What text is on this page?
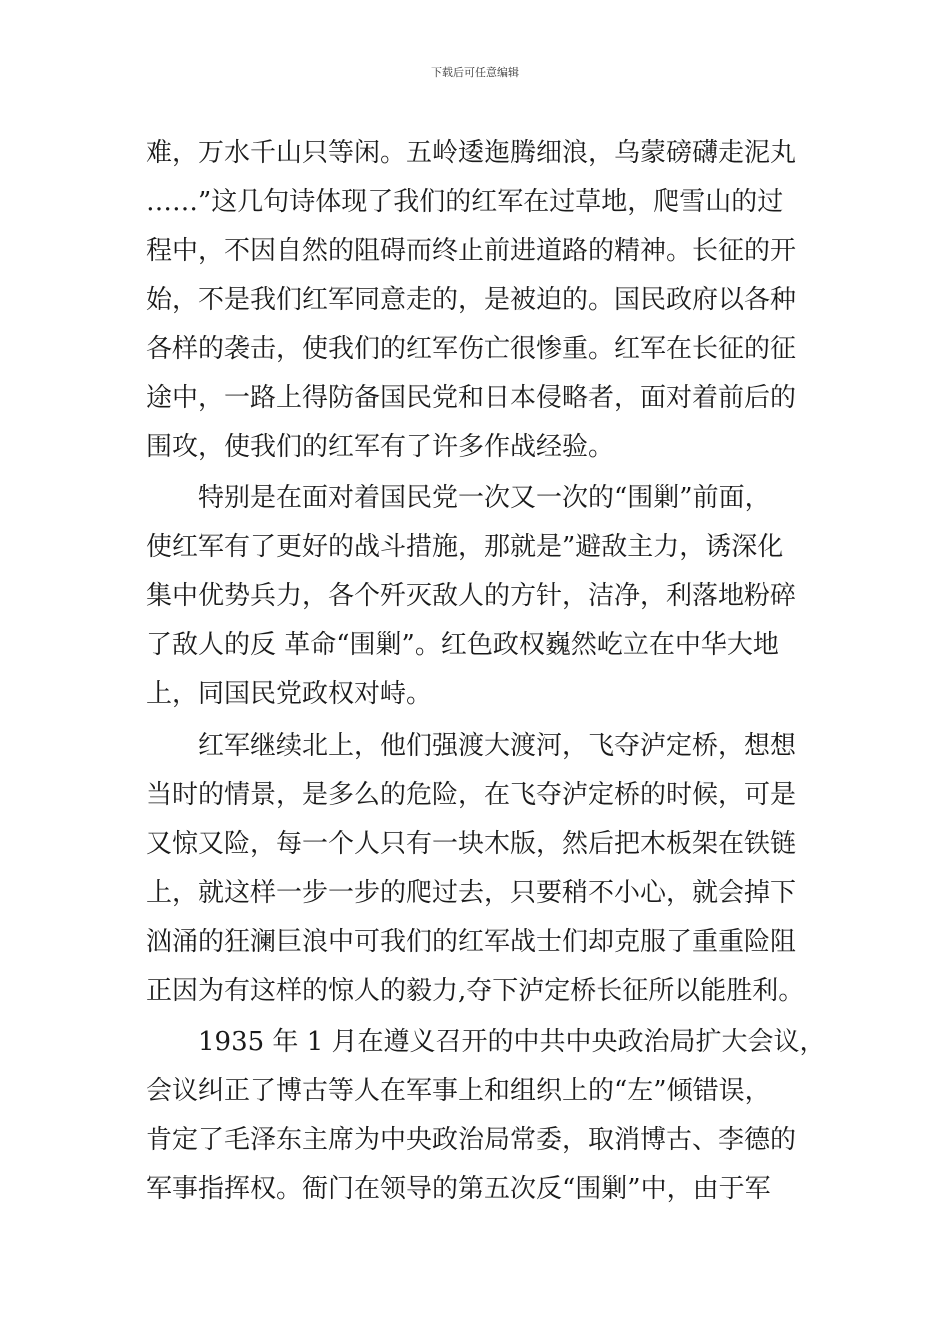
下载后可任意编辑
难，万水千山只等闲。五岭逶迤腾细浪，乌蒙磅礴走泥丸
……”这几句诗体现了我们的红军在过草地，爬雪山的过
程中，不因自然的阻碍而终止前进道路的精神。长征的开
始，不是我们红军同意走的，是被迫的。国民政府以各种
各样的袭击，使我们的红军伤亡很惨重。红军在长征的征
途中，一路上得防备国民党和日本侵略者，面对着前后的
围攻，使我们的红军有了许多作战经验。
　　特别是在面对着国民党一次又一次的“围剿”前面，
使红军有了更好的战斗措施，那就是”避敌主力，诱深化
集中优势兵力，各个歼灭敌人的方针，洁净，利落地粉碎
了敌人的反 革命“围剿”。红色政权巍然屹立在中华大地
上，同国民党政权对峙。
　　红军继续北上，他们强渡大渡河，飞夺泸定桥，想想
当时的情景，是多么的危险，在飞夺泸定桥的时候，可是
又惊又险，每一个人只有一块木版，然后把木板架在铁链
上，就这样一步一步的爬过去，只要稍不小心，就会掉下
汹涌的狂澜巨浪中可我们的红军战士们却克服了重重险阻
正因为有这样的惊人的毅力,夺下泸定桥长征所以能胜利。
　　1935 年 1 月在遵义召开的中共中央政治局扩大会议，
会议纠正了博古等人在军事上和组织上的“左”倾错误，
肯定了毛泽东主席为中央政治局常委，取消博古、李德的
军事指挥权。衙门在领导的第五次反“围剿”中，由于军
